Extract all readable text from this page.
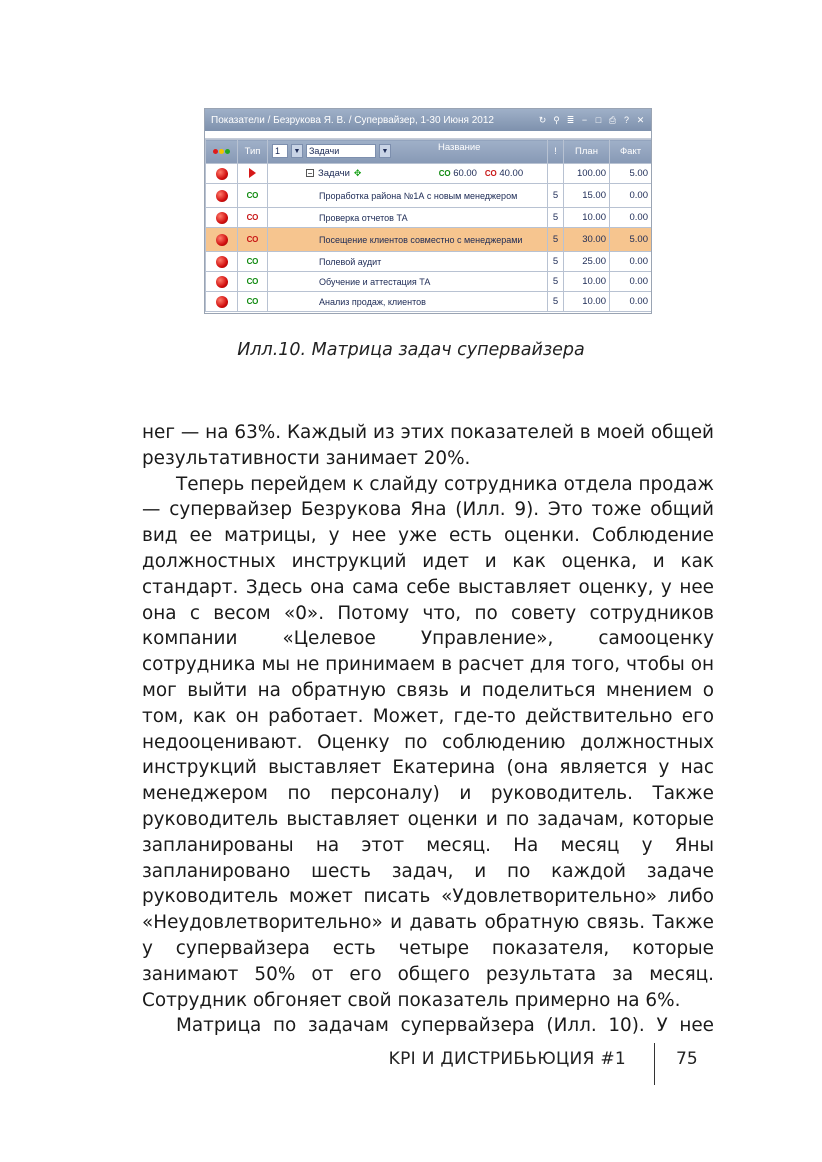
Показатели / Безрукова Я. В. / Супервайзер, 1-30 Июня 2012	↻ ⚲ ≣ − □ ⎙ ? ✕
	Тип	1 ▼ Задачи ▼ Название	!	План	Факт
		− Задачи ✥ СО 60.00 СО 40.00		100.00	5.00
	СО	Проработка района №1А с новым менеджером	5	15.00	0.00
	СО	Проверка отчетов ТА	5	10.00	0.00
	СО	Посещение клиентов совместно с менеджерами	5	30.00	5.00
	СО	Полевой аудит	5	25.00	0.00
	СО	Обучение и аттестация ТА	5	10.00	0.00
	СО	Анализ продаж, клиентов	5	10.00	0.00
Илл.10. Матрица задач супервайзера

нег — на 63%. Каждый из этих показателей в моей общей результативности занимает 20%.

Теперь перейдем к слайду сотрудника отдела продаж — супервайзер Безрукова Яна (Илл. 9). Это тоже общий вид ее матрицы, у нее уже есть оценки. Соблюдение должностных инструкций идет и как оценка, и как стандарт. Здесь она сама себе выставляет оценку, у нее она с весом «0». Потому что, по совету сотрудников компании «Целевое Управление», самооценку сотрудника мы не принимаем в расчет для того, чтобы он мог выйти на обратную связь и поделиться мнением о том, как он работает. Может, где-то действительно его недооценивают. Оценку по соблюдению должностных инструкций выставляет Екатерина (она является у нас менеджером по персоналу) и руководитель. Также руководитель выставляет оценки и по задачам, которые запланированы на этот месяц. На месяц у Яны запланировано шесть задач, и по каждой задаче руководитель может писать «Удовлетворительно» либо «Неудовлетворительно» и давать обратную связь. Также у супервайзера есть четыре показателя, которые занимают 50% от его общего результата за месяц. Сотрудник обгоняет свой показатель примерно на 6%.

Матрица по задачам супервайзера (Илл. 10). У нее

KPI И ДИСТРИБЬЮЦИЯ #1	75
